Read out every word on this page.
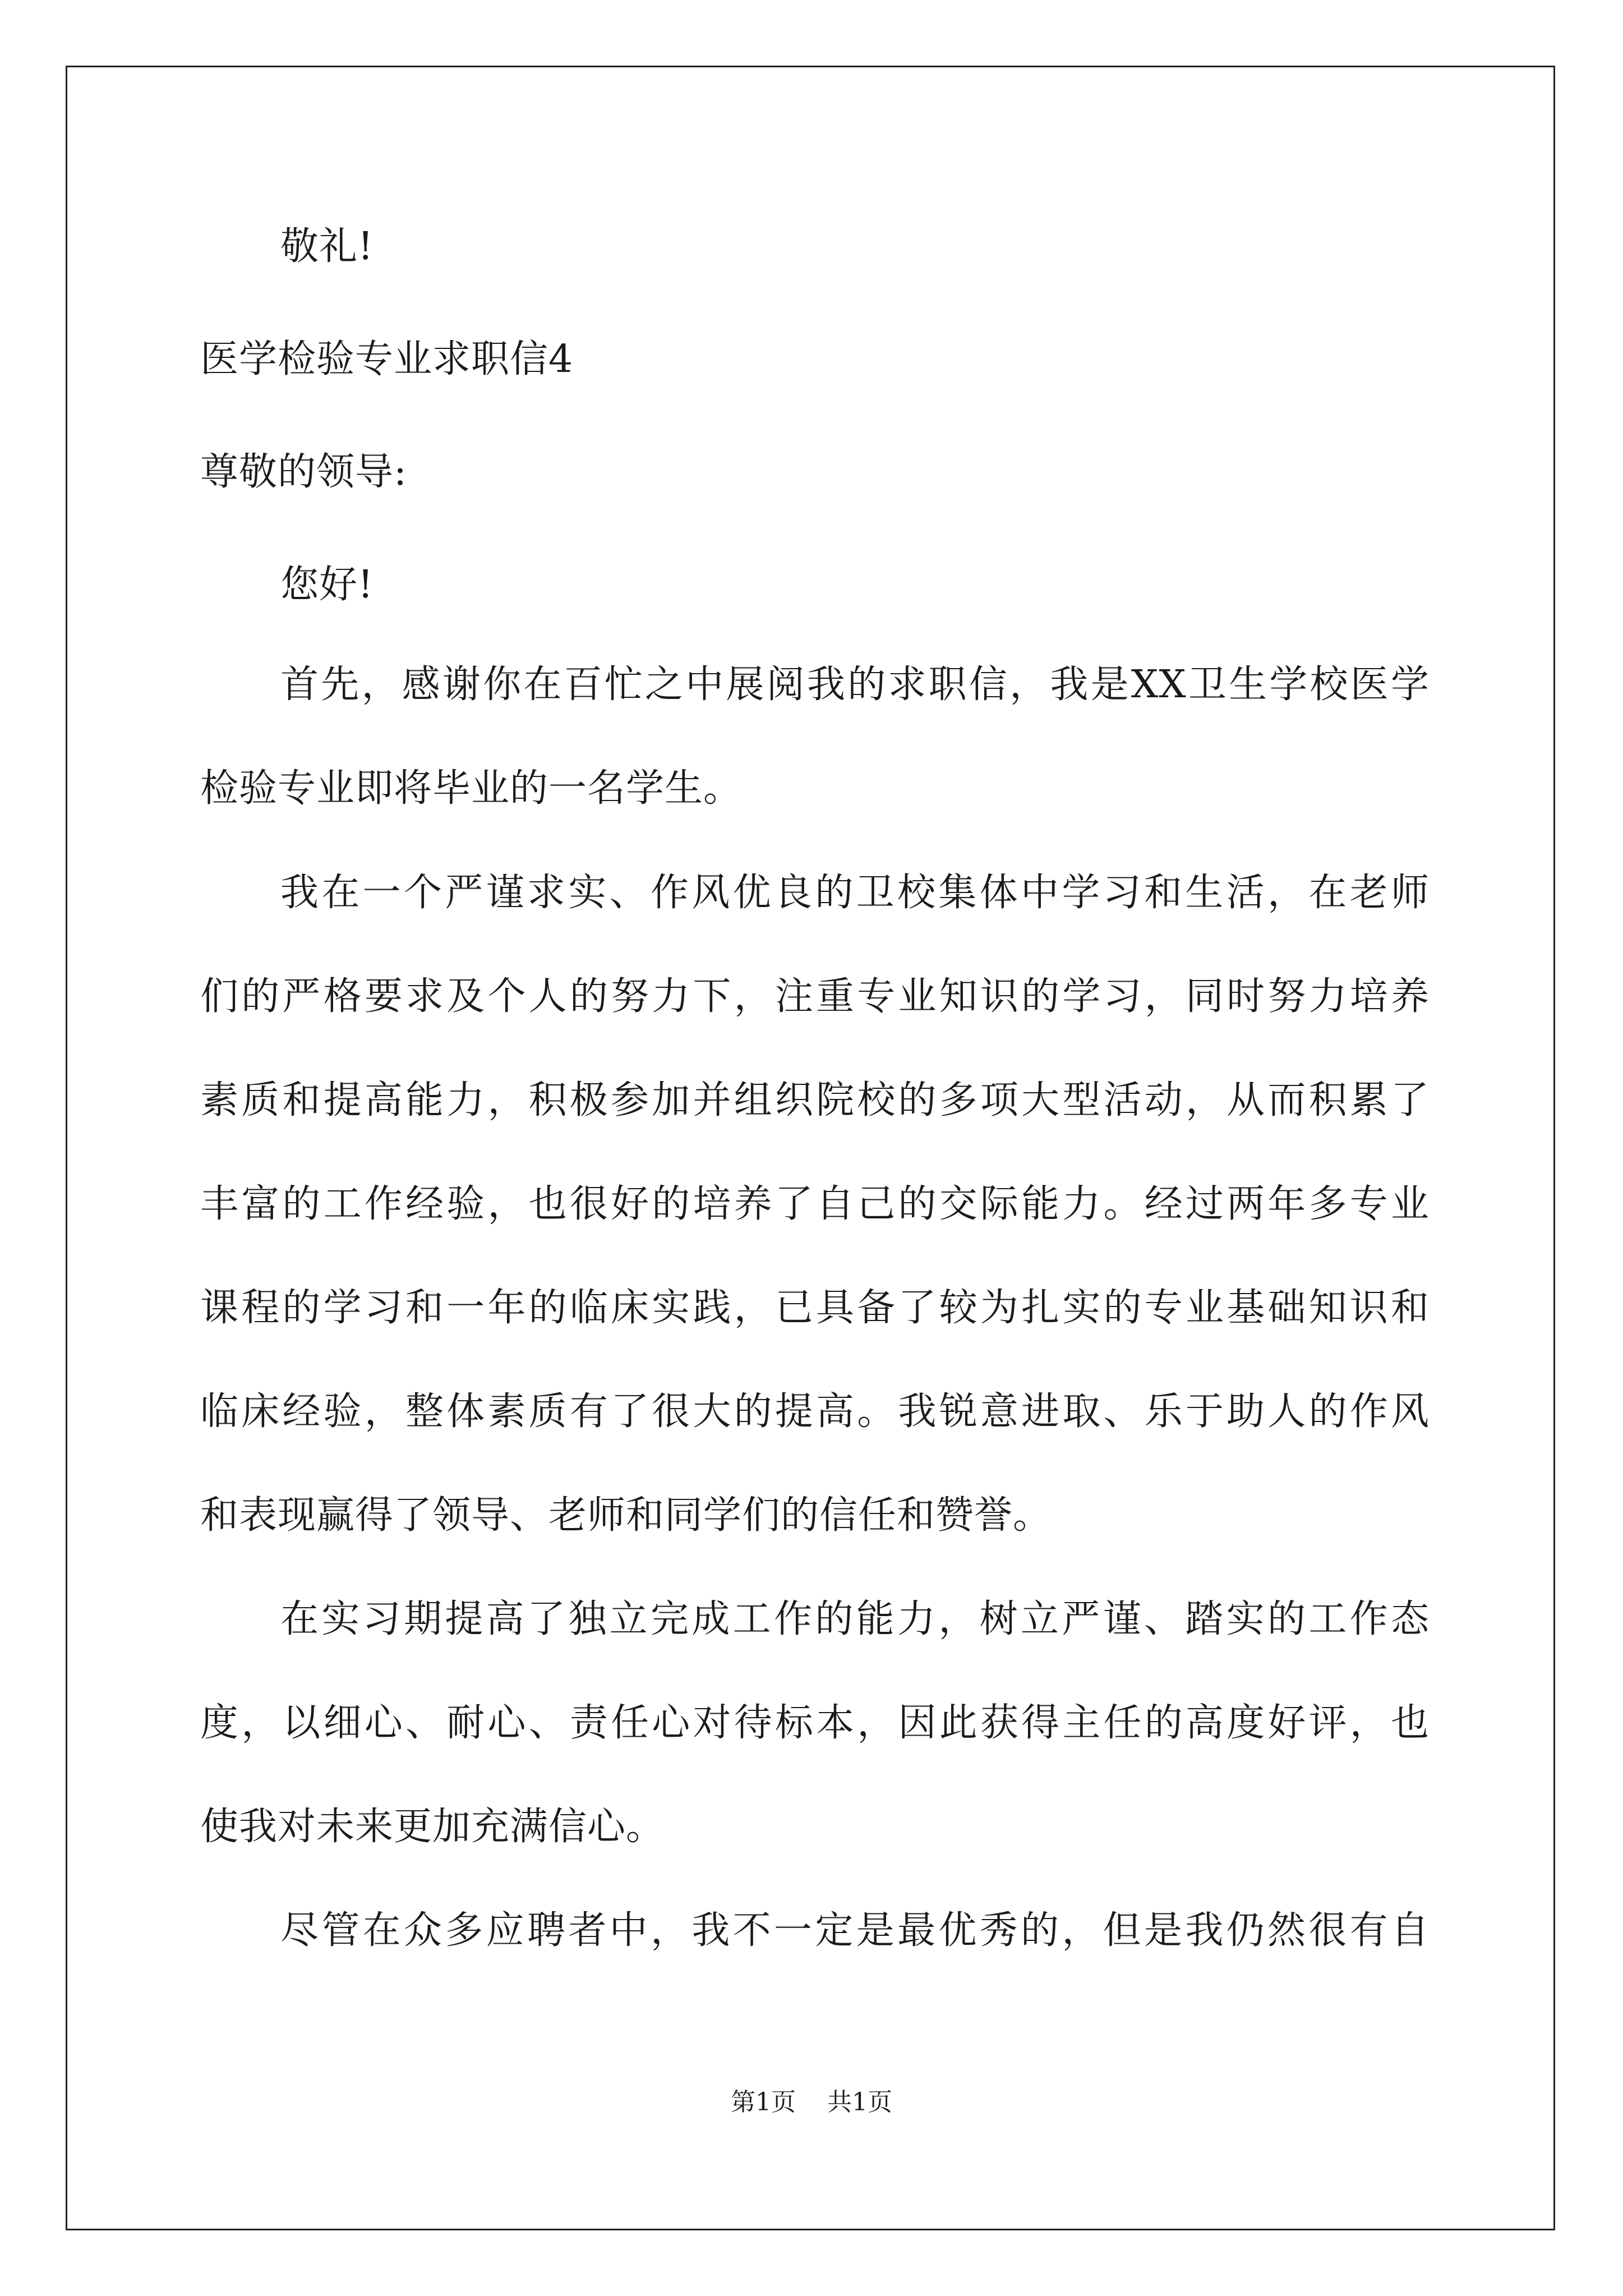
敬礼!
医学检验专业求职信4
尊敬的领导:
您好!
首先，感谢你在百忙之中展阅我的求职信，我是XX卫生学校医学
检验专业即将毕业的一名学生。
我在一个严谨求实、作风优良的卫校集体中学习和生活，在老师
们的严格要求及个人的努力下，注重专业知识的学习，同时努力培养
素质和提高能力，积极参加并组织院校的多项大型活动，从而积累了
丰富的工作经验，也很好的培养了自己的交际能力。经过两年多专业
课程的学习和一年的临床实践，已具备了较为扎实的专业基础知识和
临床经验，整体素质有了很大的提高。我锐意进取、乐于助人的作风
和表现赢得了领导、老师和同学们的信任和赞誉。
在实习期提高了独立完成工作的能力，树立严谨、踏实的工作态
度，以细心、耐心、责任心对待标本，因此获得主任的高度好评，也
使我对未来更加充满信心。
尽管在众多应聘者中，我不一定是最优秀的，但是我仍然很有自
第1页 共1页
